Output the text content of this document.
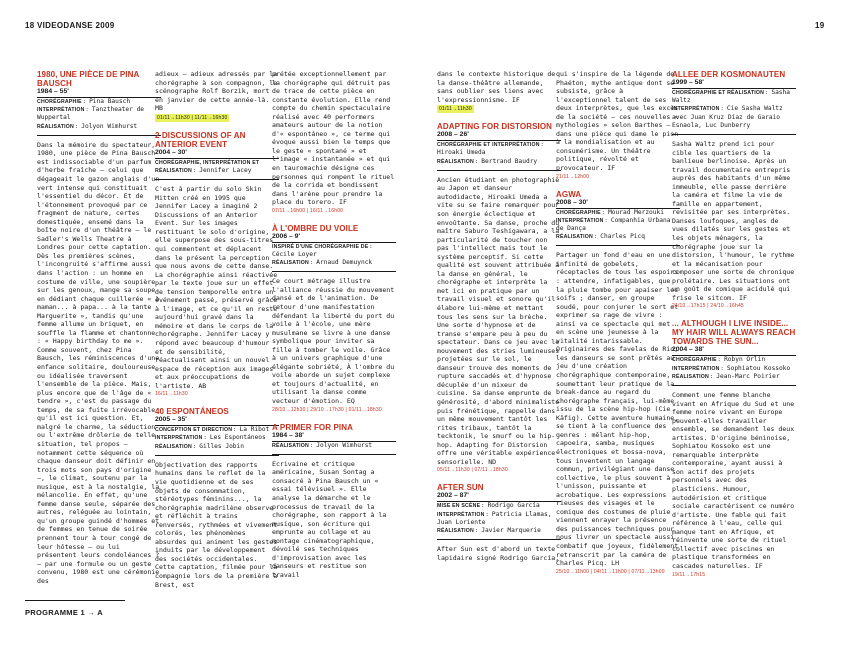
18 VIDEODANSE 2009	19

1980, UNE PIÈCE DE PINA BAUSCH

1984 – 55'

CHORÉGRAPHIE : Pina Bausch

INTERPRÉTATION : Tanztheater de Wuppertal

RÉALISATION : Jolyon Wimhurst

Dans la mémoire du spectateur, 1980, une pièce de Pina Bausch est indissociable d'un parfum d'herbe fraîche – celui que dégageait le gazon anglais d'un vert intense qui constituait l'essentiel du décor. Et de l'étonnement provoqué par ce fragment de nature, certes domestiquée, ensemé dans la boîte noire d'un théâtre – le Sadler's Wells Theatre à Londres pour cette captation. Dès les premières scènes, l'incongruité s'affirme aussi dans l'action : un homme en costume de ville, une soupière sur les genoux, mange sa soupe en dédiant chaque cuillerée « à maman... à papa... à la tante Marguerite », tandis qu'une femme allume un briquet, en souffle la flamme et chantonne : « Happy birthday to me ». Comme souvent, chez Pina Bausch, les réminiscences d'une enfance solitaire, douloureuse ou idéalisée traversent l'ensemble de la pièce. Mais, plus encore que de l'âge de « tendre », c'est du passage du temps, de sa fuite irrévocable qu'il est ici question. Et, malgré le charme, la séduction ou l'extrême drôlerie de telle situation, tel propos – notamment cette séquence où chaque danseur doit définir en trois mots son pays d'origine –, le climat, soutenu par la musique, est à la nostalgie, la mélancolie. En effet, qu'une femme danse seule, séparée des autres, reléguée au lointain, qu'un groupe guindé d'hommes et de femmes en tenue de soirée prennent tour à tour congé de leur hôtesse – ou lui présentent leurs condoléances ? – par une formule ou un geste convenu, 1980 est une cérémonie des

adieux – adieux adressés par la chorégraphe à son compagnon, le scénographe Rolf Borzik, mort en janvier de cette année-là. MB

01/11→11h30 | 11/11→16h30

2 DISCUSSIONS OF AN ANTERIOR EVENT

2004 – 30'

CHORÉGRAPHIE, INTERPRÉTATION ET RÉALISATION : Jennifer Lacey

C'est à partir du solo Skin Mitten créé en 1995 que Jennifer Lacey a imaginé 2 Discussions of an Anterior Event. Sur les images restituant le solo d'origine, elle superpose des sous-titres qui commentent et déplacent dans le présent la perception que nous avons de cette danse. La chorégraphie ainsi réactivée par le texte joue sur un effet de tension temporelle entre un événement passé, préservé grâce à l'image, et ce qu'il en reste aujourd'hui gravé dans la mémoire et dans le corps de la chorégraphe. Jennifer Lacey y répond avec beaucoup d'humour et de sensibilité, réactualisant ainsi un nouvel espace de réception aux images et aux préoccupations de l'artiste. AB

16/11→11h30

40 ESPONTÁNEOS

2005 – 35'

CONCEPTION ET DIRECTION : La Ribot

INTERPRÉTATION : Les Espontáneos

RÉALISATION : Gilles Jobin

Objectivation des rapports humains dans le reflet de la vie quotidienne et de ses objets de consommation, stéréotypes féminins..., la chorégraphie madrilène observe et réfléchit à trains renversés, rythmées et vivement colorés, les phénomènes absurdes qui animent les gestes induits par le développement des sociétés occidentales. Cette captation, filmée pour la compagnie lors de la première à Brest, est

prétée exceptionnellement par la chorégraphe qui détruit pas de trace de cette pièce en constante évolution. Elle rend compte du chemin spectaculaire réalisé avec 40 performers amateurs autour de la notion d'« espontáneo », ce terme qui évoque aussi bien le temps que le geste « spontané » et l'image « instantanée » et qui en tauromachie désigne ces personnes qui rompent le rituel de la corrida et bondissent dans l'arène pour prendre la place du torero. IF

07/11→16h00 | 16/11→16h00

À L'OMBRE DU VOILE

2006 – 9'

INSPIRÉ D'UNE CHORÉGRAPHIE DE : Cécile Loyer

RÉALISATION : Arnaud Demuynck

Ce court métrage illustre l'alliance réussie du mouvement dansé et de l'animation. De retour d'une manifestation défendant la liberté du port du voile à l'école, une mère musulmane se livre à une danse symbolique pour inviter sa fille à tomber le voile. Grâce à un univers graphique d'une élégante sobriété, À l'ombre du voile aborde un sujet complexe et toujours d'actualité, en utilisant la danse comme vecteur d'émotion. EQ

28/10→12h30 | 29/10→17h30 | 01/11→18h30

A PRIMER FOR PINA

1984 – 38'

RÉALISATION : Jolyon Wimhurst

Ecrivaine et critique américaine, Susan Sontag a consacré à Pina Bausch un « essai télévisuel ». Elle analyse la démarche et le processus de travail de la chorégraphe, son rapport à la musique, son écriture qui emprunte au collage et au montage cinématographique, dévoilé ses techniques d'improvisation avec les danseurs et restitue son travail

dans le contexte historique de la danse-théâtre allemande, sans oublier ses liens avec l'expressionnisme. IF

01/11→11h30

ADAPTING FOR DISTORSION

2008 – 26'

CHORÉGRAPHIE ET INTERPRÉTATION : Hiroaki Umeda

RÉALISATION : Bertrand Baudry

Ancien étudiant en photographie au Japon et danseur autodidacte, Hiroaki Umeda a vite su se faire remarquer pour son énergie éclectique et envoûtante. Sa danse, proche du maître Saburo Teshigawara, a la particularité de toucher non pas l'intellect mais tout le système perceptif. Si cette qualité est souvent attribuée à la danse en général, le chorégraphe et interprète la met ici en pratique par un travail visuel et sonore qu'il élabore lui-même et mettant tous les sens sur la brèche. Une sorte d'hypnose et de transe s'empare peu à peu du spectateur. Dans ce jeu avec le mouvement des stries lumineuses projetées sur le sol, le danseur trouve des moments de rupture saccadés et d'hypnose décuplée d'un mixeur de cuisine. Sa danse emprunte de générosité, d'abord minimaliste puis frénétique, rappelle dans un même mouvement tantôt les rites tribaux, tantôt la tecktonik, le smurf ou le hip-hop. Adapting for Distorsion offre une véritable expérience sensorielle. ND

05/11→11h30 | 07/11→18h30

AFTER SUN

2002 – 87'

MISE EN SCÈNE : Rodrigo García

INTERPRÉTATION : Patricia Llamas, Juan Loriente

RÉALISATION : Javier Marquerie

After Sun est d'abord un texte lapidaire signé Rodrigo García,

qui s'inspire de la légende de Phaéton, mythe antique dont se subsiste, grâce à l'exceptionnel talent de ses deux interprètes, que les excès de la société – ces nouvelles « mythologies » selon Barthes – dans une pièce qui dame le pion à la mondialisation et au consumérisme. Un théâtre politique, révolté et provocateur. IF

21/11→12h00

AGWA

2008 – 30'

CHORÉGRAPHIE : Mourad Merzouki

INTERPRÉTATION : Companhia Urbana de Dança

RÉALISATION : Charles Picq

Partager un fond d'eau en une infinité de gobelets, réceptacles de tous les espoirs : attendre, infatigables, que la pluie tombe pour apaiser les soifs ; danser, en groupe soudé, pour conjurer le sort et exprimer sa rage de vivre : ainsi va ce spectacle qui met en scène une jeunesse à la vitalité intarissable. Originaires des favelas de Rio, les danseurs se sont prêtés au jeu d'une création chorégraphique contemporaine, soumettant leur pratique de la break-dance au regard du chorégraphe français, lui-même issu de la scène hip-hop (Cie Käfig). Cette aventure humaine, se tient à la confluence des genres : mêlant hip-hop, capoeira, samba, musiques électroniques et bossa-nova, tous inventent un langage commun, privilégiant une danse collective, le plus souvent à l'unisson, puissante et acrobatique. Les expressions rieuses des visages et le comique des costumes de pluie viennent enrayer la présence des puissances techniques pour nous livrer un spectacle aussi combatif que joyeux, fidèlement retranscrit par la caméra de Charles Picq. LH

25/10→11h00 | 04/11→11h00 | 07/11→13h00

ALLEE DER KOSMONAUTEN

1999 – 58'

CHORÉGRAPHIE ET RÉALISATION : Sasha Waltz

INTERPRÉTATION : Cie Sasha Waltz avec Juan Kruz Díaz de Garaio Esnaola, Luc Dunberry

Sasha Waltz prend ici pour cible les quartiers de la banlieue berlinoise. Après un travail documentaire entrepris auprès des habitants d'un même immeuble, elle passe derrière la caméra et filme la vie de famille en appartement, revisitée par ses interprètes. Danses loufoques, angles de vues dilatés sur les gestes et les objets ménagers, la chorégraphe joue sur la distorsion, l'humour, le rythme et la mécanisation pour composer une sorte de chronique prolétaire. Les situations ont un goût de comique acidulé qui frise le sitcom. IF

21/10→17h15 | 24/10→16h45

... ALTHOUGH I LIVE INSIDE... MY HAIR WILL ALWAYS REACH TOWARDS THE SUN...

2004 – 38'

CHORÉGRAPHIE : Robyn Orlin

INTERPRÉTATION : Sophiatou Kossoko

RÉALISATION : Jean-Marc Poirier

Comment une femme blanche vivant en Afrique du Sud et une femme noire vivant en Europe peuvent-elles travailler ensemble, se demandent les deux artistes. D'origine béninoise, Sophiatou Kossoko est une remarquable interprète contemporaine, ayant aussi à son actif des projets personnels avec des plasticiens. Humour, autodérision et critique sociale caractérisent ce numéro d'artiste. Une fable qui fait référence à l'eau, celle qui manque tant en Afrique, et réinvente une sorte de rituel collectif avec piscines en plastique transformées en cascades naturelles. IF

19/11→17h15

PROGRAMME 1 → A
